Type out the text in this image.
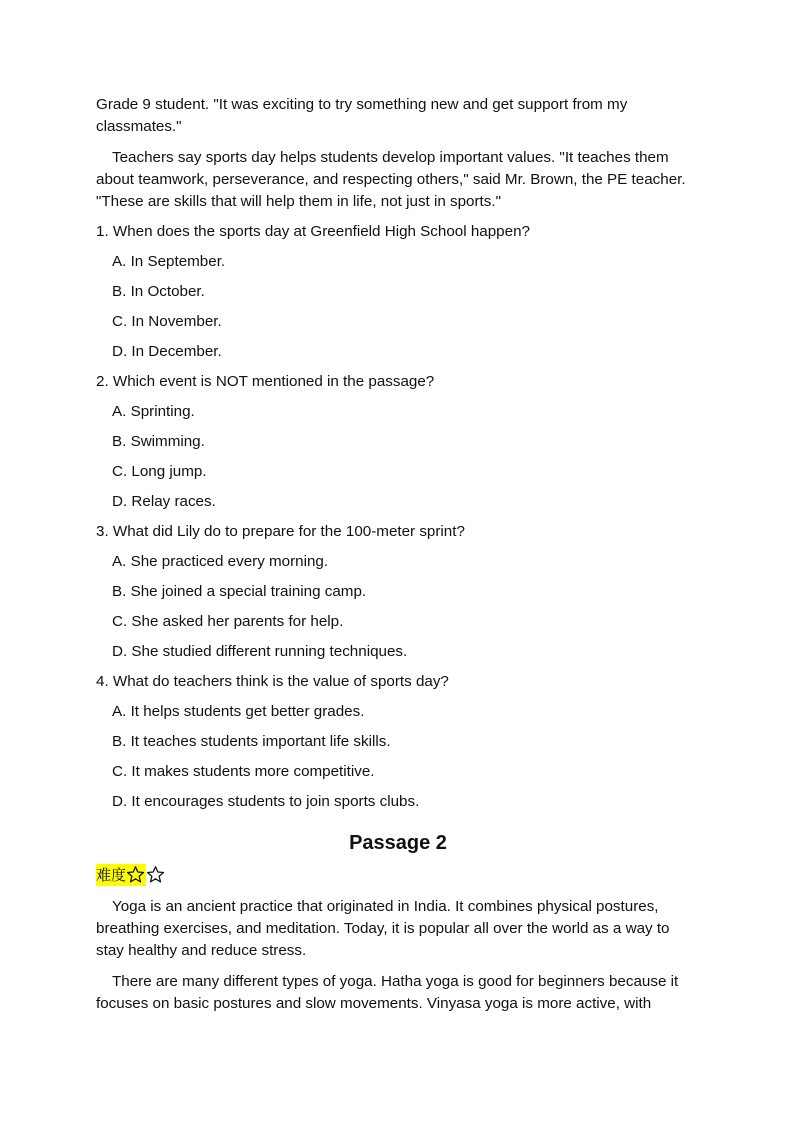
Grade 9 student. "It was exciting to try something new and get support from my classmates."

Teachers say sports day helps students develop important values. "It teaches them about teamwork, perseverance, and respecting others," said Mr. Brown, the PE teacher. "These are skills that will help them in life, not just in sports."

1. When does the sports day at Greenfield High School happen?
A. In September.
B. In October.
C. In November.
D. In December.
2. Which event is NOT mentioned in the passage?
A. Sprinting.
B. Swimming.
C. Long jump.
D. Relay races.
3. What did Lily do to prepare for the 100-meter sprint?
A. She practiced every morning.
B. She joined a special training camp.
C. She asked her parents for help.
D. She studied different running techniques.
4. What do teachers think is the value of sports day?
A. It helps students get better grades.
B. It teaches students important life skills.
C. It makes students more competitive.
D. It encourages students to join sports clubs.
Passage 2
难度

Yoga is an ancient practice that originated in India. It combines physical postures, breathing exercises, and meditation. Today, it is popular all over the world as a way to stay healthy and reduce stress.

There are many different types of yoga. Hatha yoga is good for beginners because it focuses on basic postures and slow movements. Vinyasa yoga is more active, with
